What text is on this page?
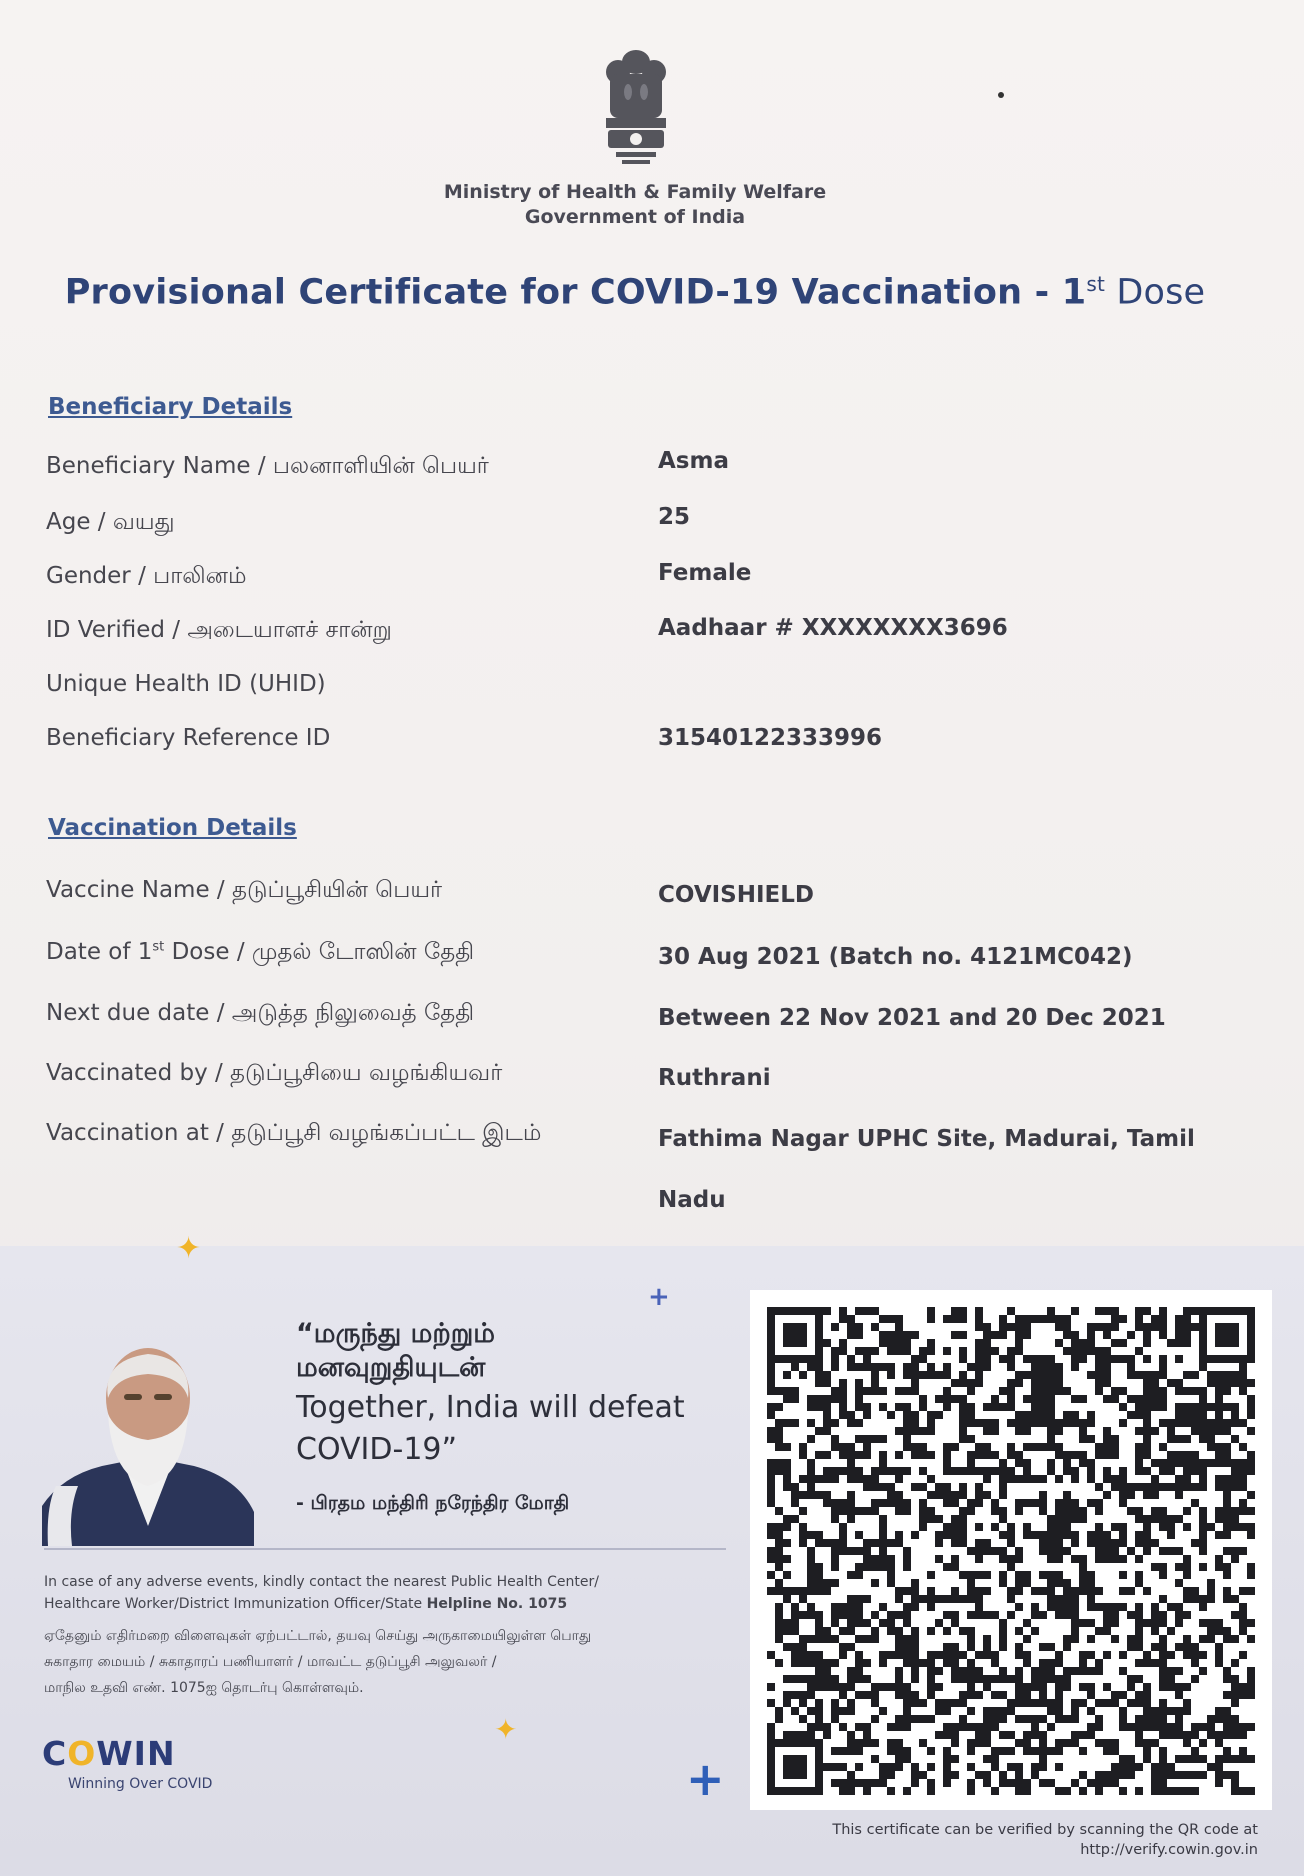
Ministry of Health & Family Welfare
Government of India
Provisional Certificate for COVID-19 Vaccination - 1st Dose
Beneficiary Details
Beneficiary Name / பலனாளியின் பெயர்	Asma
Age / வயது	25
Gender / பாலினம்	Female
ID Verified / அடையாளச் சான்று	Aadhaar # XXXXXXXX3696
Unique Health ID (UHID)
Beneficiary Reference ID	31540122333996
Vaccination Details
Vaccine Name / தடுப்பூசியின் பெயர்	COVISHIELD
Date of 1st Dose / முதல் டோஸின் தேதி	30 Aug 2021 (Batch no. 4121MC042)
Next due date / அடுத்த நிலுவைத் தேதி	Between 22 Nov 2021 and 20 Dec 2021
Vaccinated by / தடுப்பூசியை வழங்கியவர்	Ruthrani
Vaccination at / தடுப்பூசி வழங்கப்பட்ட இடம்	Fathima Nagar UPHC Site, Madurai, Tamil
Nadu
✦
+
✦
+
“மருந்து மற்றும்
மனவுறுதியுடன்
Together, India will defeat
COVID-19”
- பிரதம மந்திரி நரேந்திர மோதி
In case of any adverse events, kindly contact the nearest Public Health Center/
Healthcare Worker/District Immunization Officer/State Helpline No. 1075
ஏதேனும் எதிர்மறை விளைவுகள் ஏற்பட்டால், தயவு செய்து அருகாமையிலுள்ள பொது
சுகாதார மையம் / சுகாதாரப் பணியாளர் / மாவட்ட தடுப்பூசி அலுவலர் /
மாநில உதவி எண். 1075ஐ தொடர்பு கொள்ளவும்.
COWIN
Winning Over COVID
This certificate can be verified by scanning the QR code at
http://verify.cowin.gov.in
